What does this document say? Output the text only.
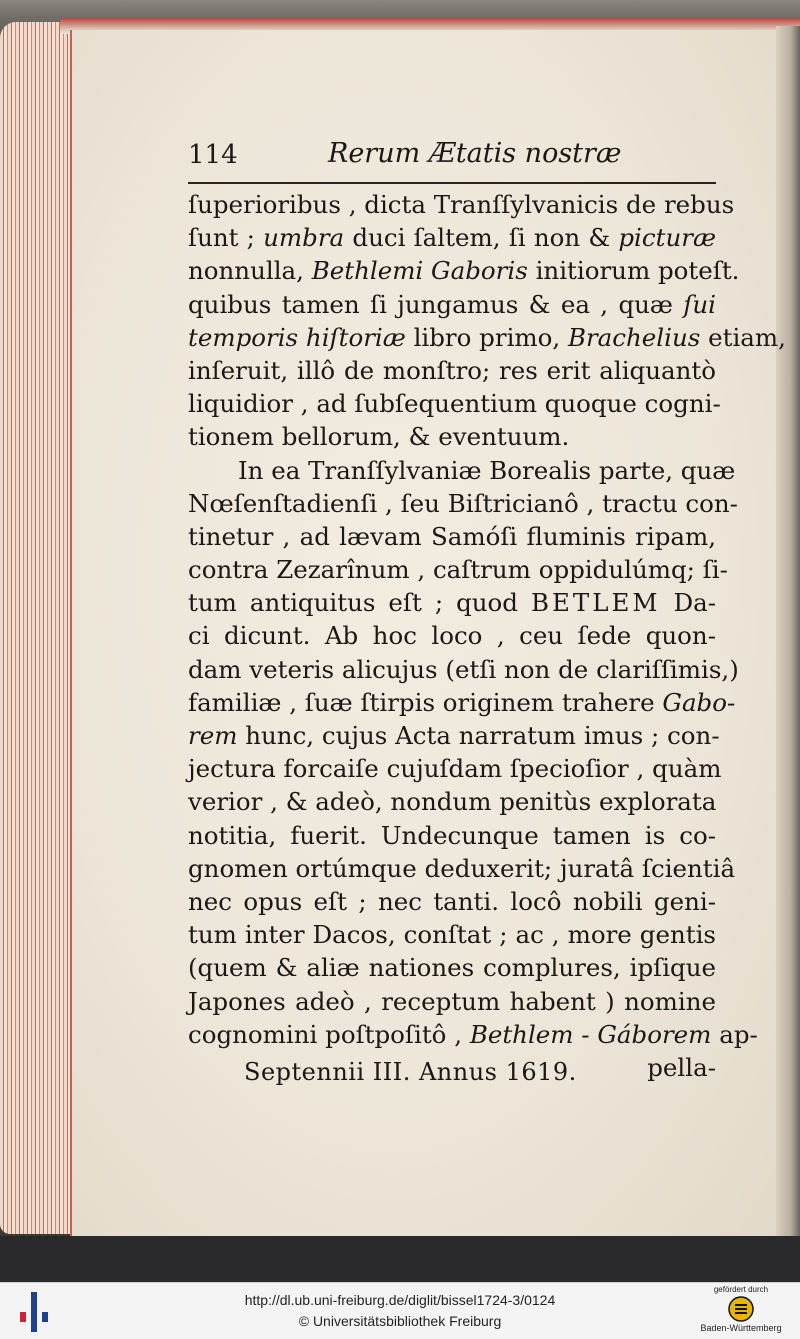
114	Rerum Ætatis nostræ
ſuperioribus , dicta Tranſſylvanicis de rebus
ſunt ; umbra duci ſaltem, ſi non & picturæ
nonnulla, Bethlemi Gaboris initiorum poteſt.
quibus tamen ſi jungamus & ea , quæ ſui
temporis hiſtoriæ libro primo, Brachelius etiam,
inſeruit, illô de monſtro; res erit aliquantò
liquidior , ad ſubſequentium quoque cogni-
tionem bellorum, & eventuum.
In ea Tranſſylvaniæ Borealis parte, quæ
Nœſenſtadienſi , ſeu Biſtricianô , tractu con-
tinetur , ad lævam Samóſi fluminis ripam,
contra Zezarînum , caſtrum oppidulúmq; ſi-
tum antiquitus eſt ; quod BETLEM Da-
ci dicunt. Ab hoc loco , ceu ſede quon-
dam veteris alicujus (etſi non de clariſſimis,)
familiæ , ſuæ ſtirpis originem trahere Gabo-
rem hunc, cujus Acta narratum imus ; con-
jectura forcaiſe cujuſdam ſpecioſior , quàm
verior , & adeò, nondum penitùs explorata
notitia, fuerit. Undecunque tamen is co-
gnomen ortúmque deduxerit; juratâ ſcientiâ
nec opus eſt ; nec tanti. locô nobili geni-
tum inter Dacos, conſtat ; ac , more gentis
(quem & aliæ nationes complures, ipſique
Japones adeò , receptum habent ) nomine
cognomini poſtpoſitô , Bethlem - Gáborem ap-
pella-
Septennii III. Annus 1619.
http://dl.ub.uni-freiburg.de/diglit/bissel1724-3/0124
© Universitätsbibliothek Freiburg
gefördert durch
Baden-Württemberg
